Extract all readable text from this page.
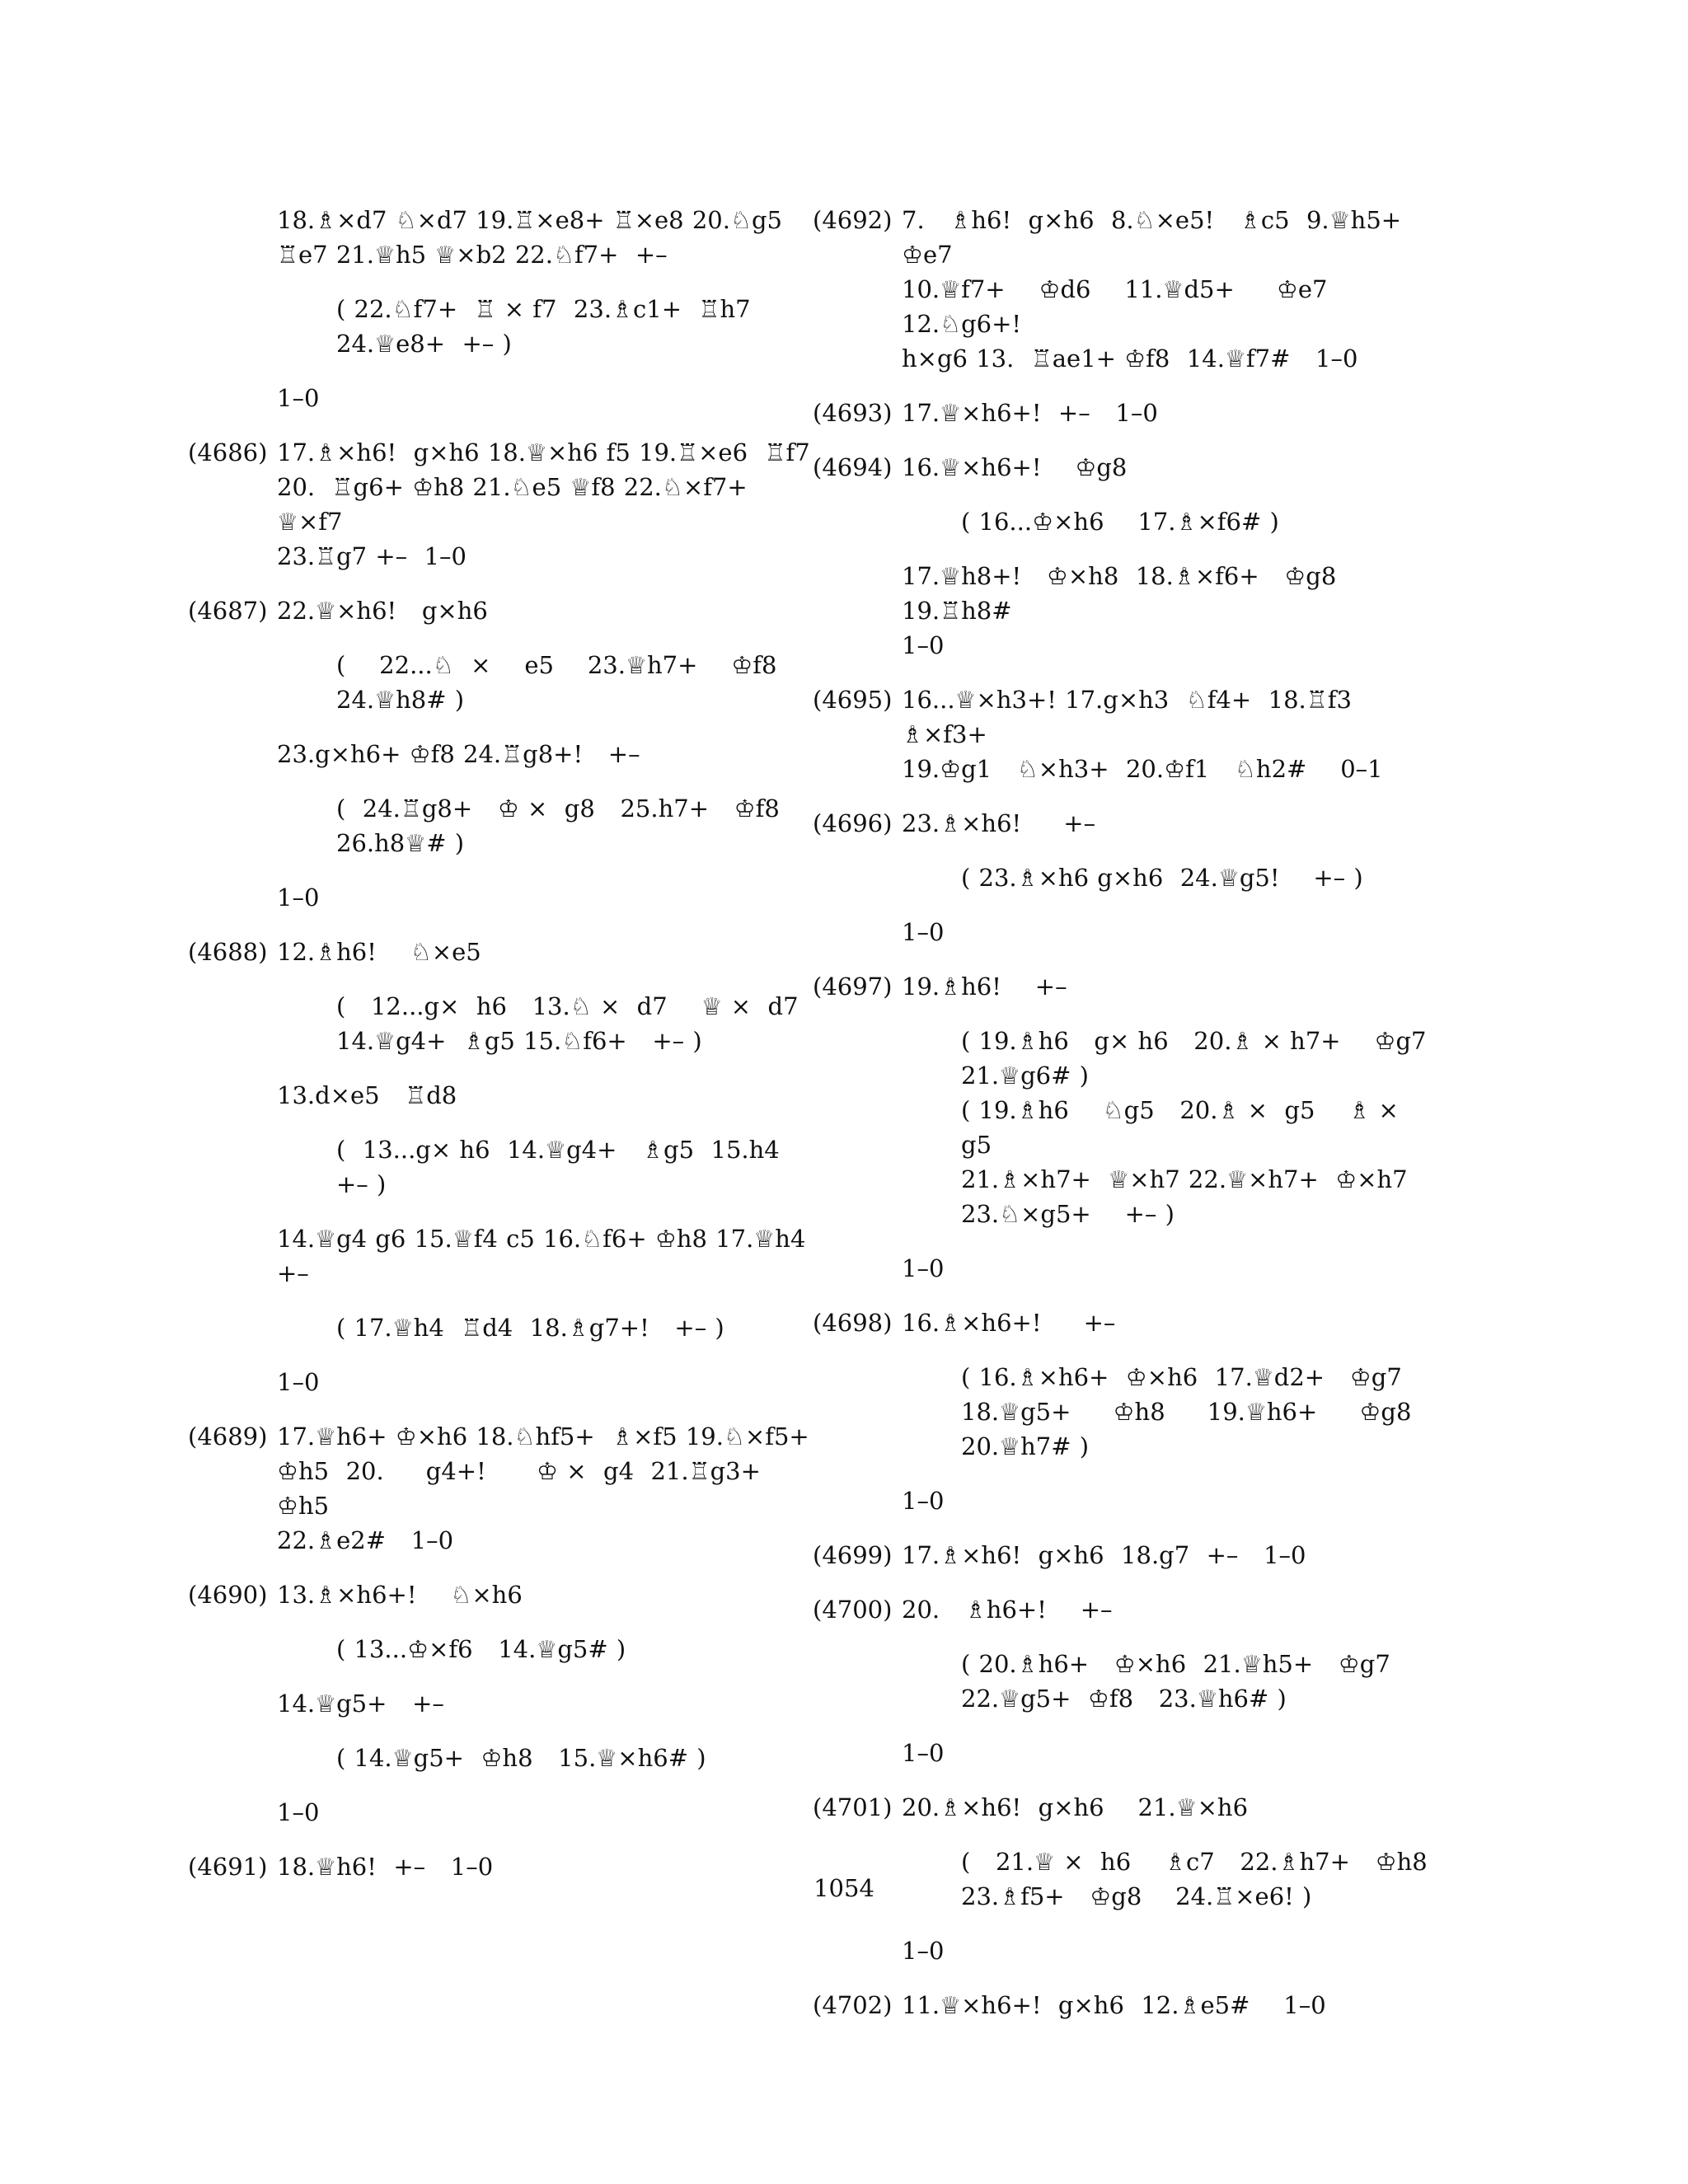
18.♗×d7 ♘×d7 19.♖×e8+ ♖×e8 20.♘g5
♖e7 21.♕h5 ♕×b2 22.♘f7+  +–
( 22.♘f7+  ♖ × f7  23.♗c1+  ♖h7
24.♕e8+  +– )
1–0
(4686) 17.♗×h6!  g×h6 18.♕×h6 f5 19.♖×e6  ♖f7
20.  ♖g6+ ♔h8 21.♘e5 ♕f8 22.♘×f7+ ♕×f7
23.♖g7 +–  1–0
(4687) 22.♕×h6!   g×h6
(    22...♘  ×    e5    23.♕h7+    ♔f8
24.♕h8# )
23.g×h6+ ♔f8 24.♖g8+!   +–
(  24.♖g8+   ♔ ×  g8   25.h7+   ♔f8
26.h8♕# )
1–0
(4688) 12.♗h6!    ♘×e5
(   12...g×  h6   13.♘ ×  d7    ♕ ×  d7
14.♕g4+  ♗g5 15.♘f6+   +– )
13.d×e5   ♖d8
(  13...g× h6  14.♕g4+   ♗g5  15.h4
+– )
14.♕g4 g6 15.♕f4 c5 16.♘f6+ ♔h8 17.♕h4
+–
( 17.♕h4  ♖d4  18.♗g7+!   +– )
1–0
(4689) 17.♕h6+ ♔×h6 18.♘hf5+  ♗×f5 19.♘×f5+
♔h5  20.     g4+!      ♔ ×  g4  21.♖g3+   ♔h5
22.♗e2#   1–0
(4690) 13.♗×h6+!    ♘×h6
( 13...♔×f6   14.♕g5# )
14.♕g5+   +–
( 14.♕g5+  ♔h8   15.♕×h6# )
1–0
(4691) 18.♕h6!  +–   1–0
(4692) 7.   ♗h6!  g×h6  8.♘×e5!   ♗c5  9.♕h5+   ♔e7
10.♕f7+    ♔d6    11.♕d5+     ♔e7    12.♘g6+!
h×g6 13.  ♖ae1+ ♔f8  14.♕f7#   1–0
(4693) 17.♕×h6+!  +–   1–0
(4694) 16.♕×h6+!    ♔g8
( 16...♔×h6    17.♗×f6# )
17.♕h8+!   ♔×h8  18.♗×f6+   ♔g8  19.♖h8#
1–0
(4695) 16...♕×h3+! 17.g×h3  ♘f4+  18.♖f3   ♗×f3+
19.♔g1   ♘×h3+  20.♔f1   ♘h2#    0–1
(4696) 23.♗×h6!     +–
( 23.♗×h6 g×h6  24.♕g5!    +– )
1–0
(4697) 19.♗h6!    +–
( 19.♗h6   g× h6   20.♗ × h7+    ♔g7
21.♕g6# )
( 19.♗h6    ♘g5   20.♗ ×  g5    ♗ ×  g5
21.♗×h7+  ♕×h7 22.♕×h7+  ♔×h7
23.♘×g5+    +– )
1–0
(4698) 16.♗×h6+!     +–
( 16.♗×h6+  ♔×h6  17.♕d2+   ♔g7
18.♕g5+     ♔h8     19.♕h6+     ♔g8
20.♕h7# )
1–0
(4699) 17.♗×h6!  g×h6  18.g7  +–   1–0
(4700) 20.   ♗h6+!    +–
( 20.♗h6+   ♔×h6  21.♕h5+   ♔g7
22.♕g5+  ♔f8   23.♕h6# )
1–0
(4701) 20.♗×h6!  g×h6    21.♕×h6
(   21.♕ ×  h6    ♗c7   22.♗h7+   ♔h8
23.♗f5+   ♔g8    24.♖×e6! )
1–0
(4702) 11.♕×h6+!  g×h6  12.♗e5#    1–0
1054
